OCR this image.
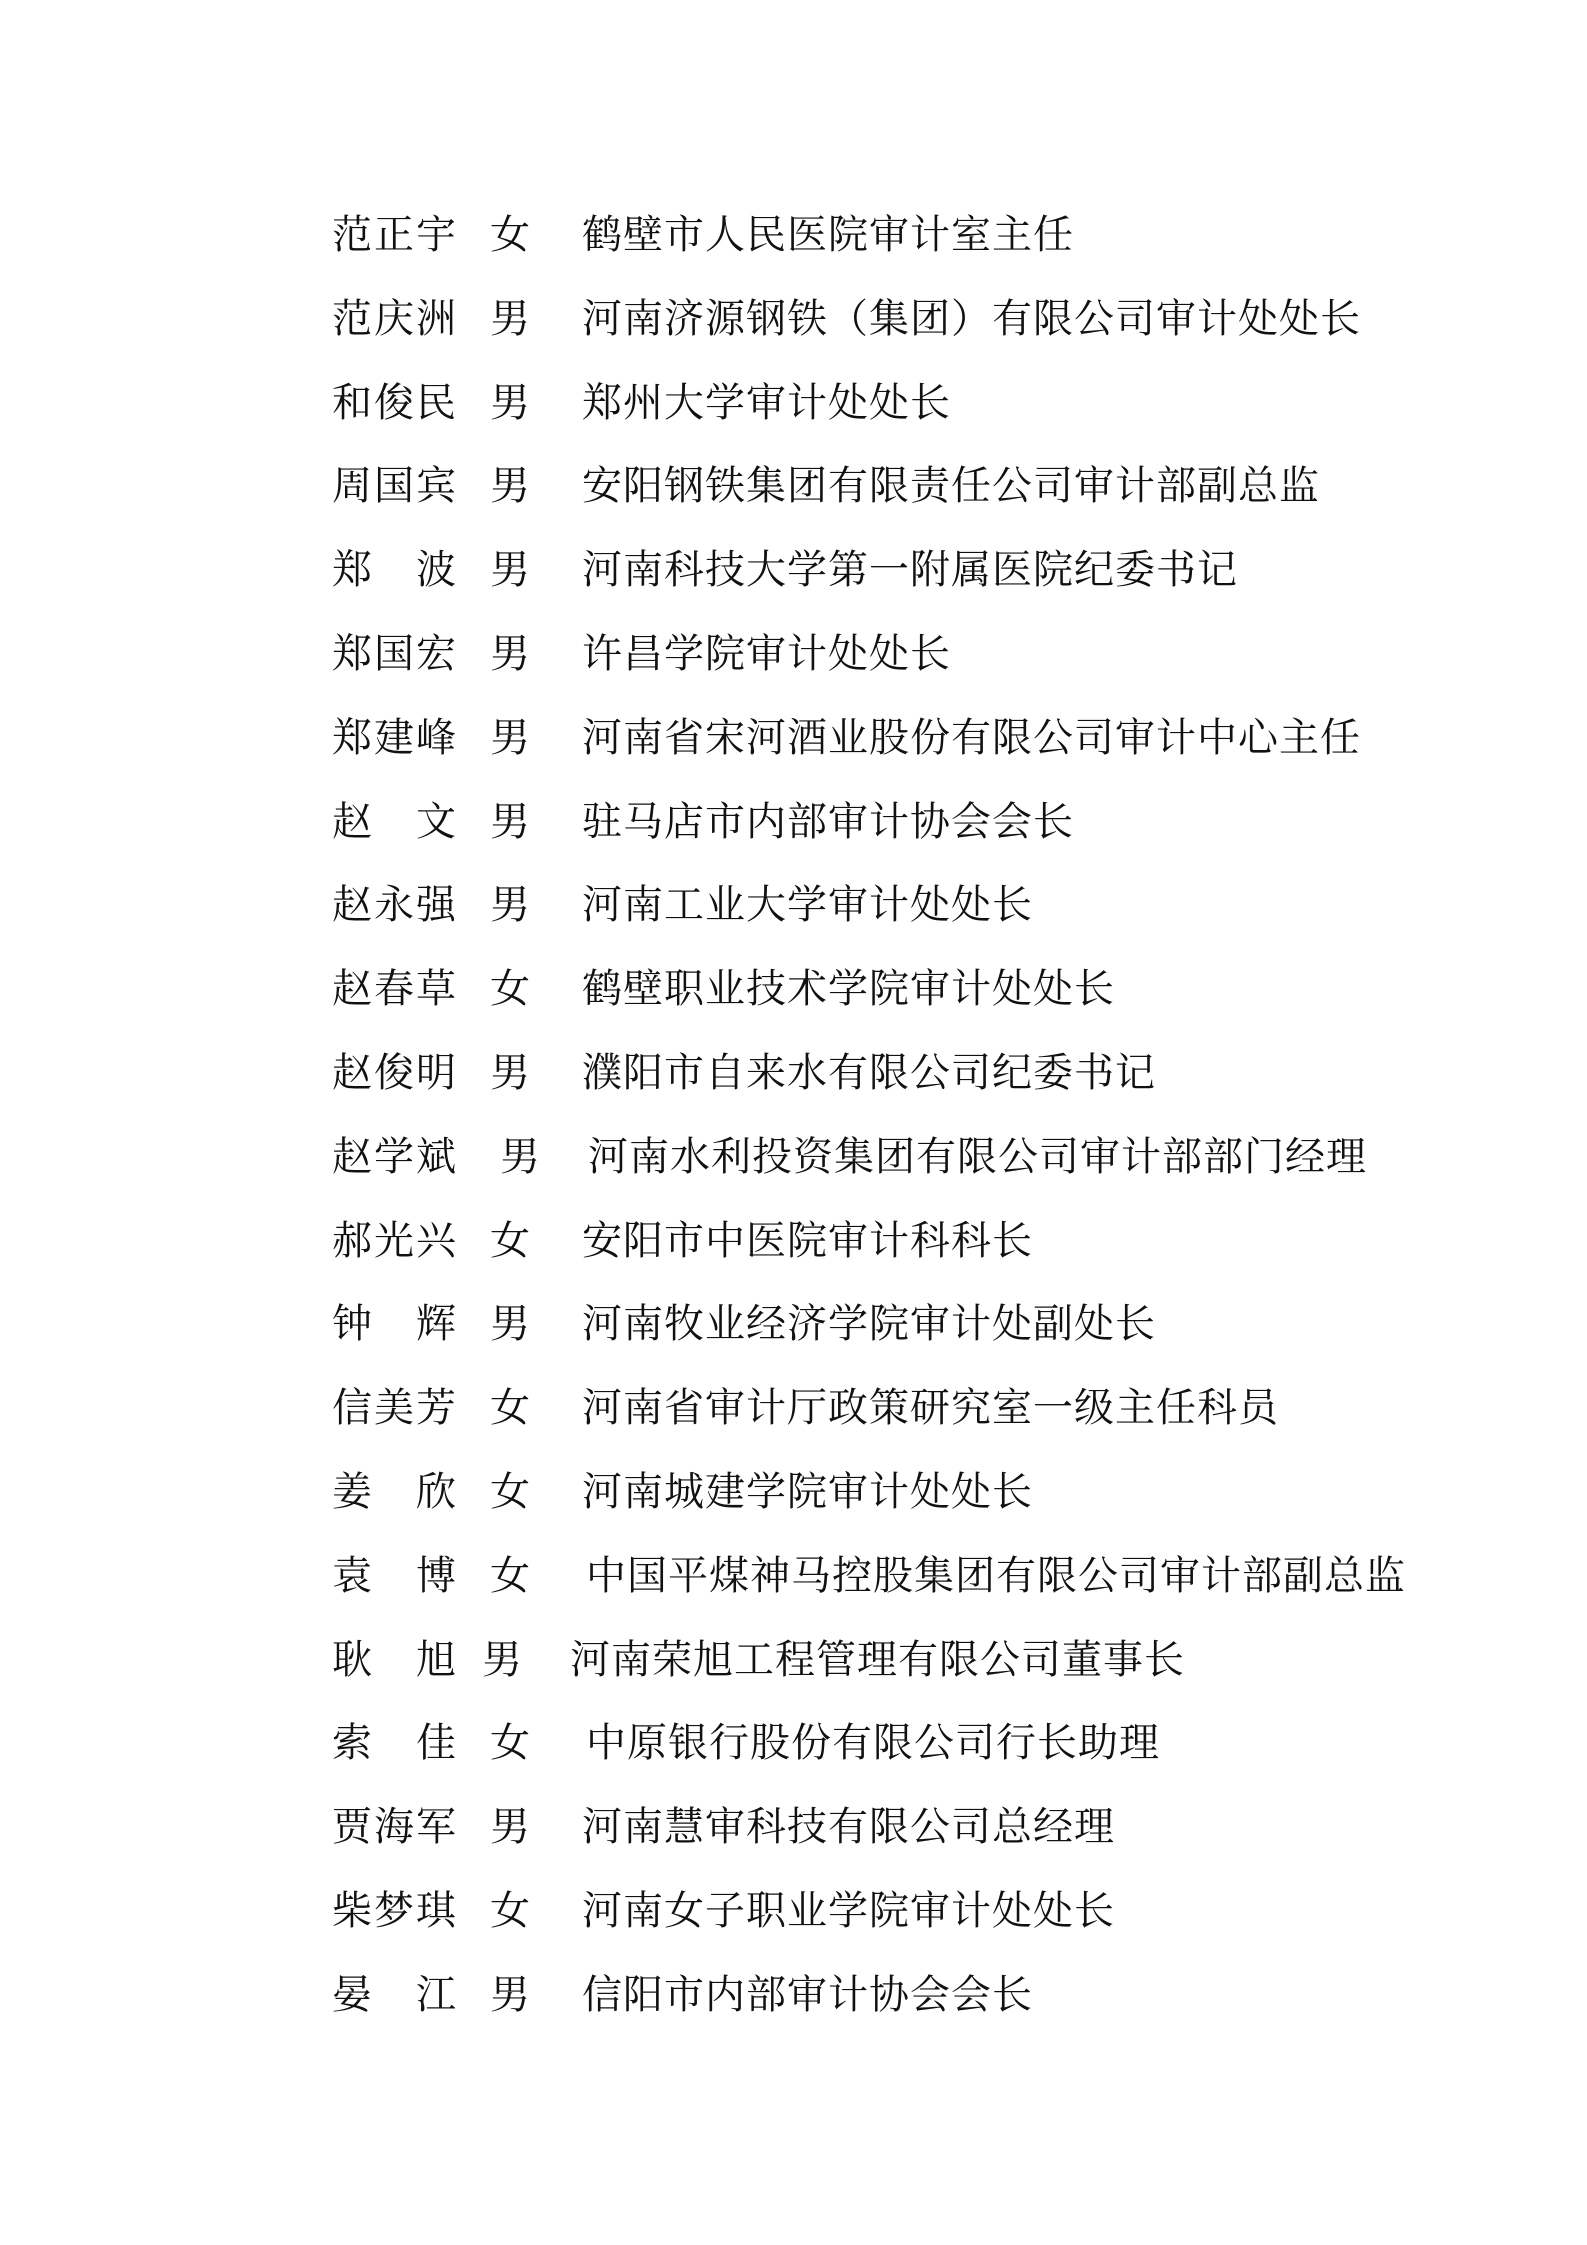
范正宇 女 鹤壁市人民医院审计室主任
范庆洲 男 河南济源钢铁（集团）有限公司审计处处长
和俊民 男 郑州大学审计处处长
周国宾 男 安阳钢铁集团有限责任公司审计部副总监
郑 波 男 河南科技大学第一附属医院纪委书记
郑国宏 男 许昌学院审计处处长
郑建峰 男 河南省宋河酒业股份有限公司审计中心主任
赵 文 男 驻马店市内部审计协会会长
赵永强 男 河南工业大学审计处处长
赵春草 女 鹤壁职业技术学院审计处处长
赵俊明 男 濮阳市自来水有限公司纪委书记
赵学斌 男 河南水利投资集团有限公司审计部部门经理
郝光兴 女 安阳市中医院审计科科长
钟 辉 男 河南牧业经济学院审计处副处长
信美芳 女 河南省审计厅政策研究室一级主任科员
姜 欣 女 河南城建学院审计处处长
袁 博 女 中国平煤神马控股集团有限公司审计部副总监
耿 旭 男 河南荣旭工程管理有限公司董事长
索 佳 女 中原银行股份有限公司行长助理
贾海军 男 河南慧审科技有限公司总经理
柴梦琪 女 河南女子职业学院审计处处长
晏 江 男 信阳市内部审计协会会长
